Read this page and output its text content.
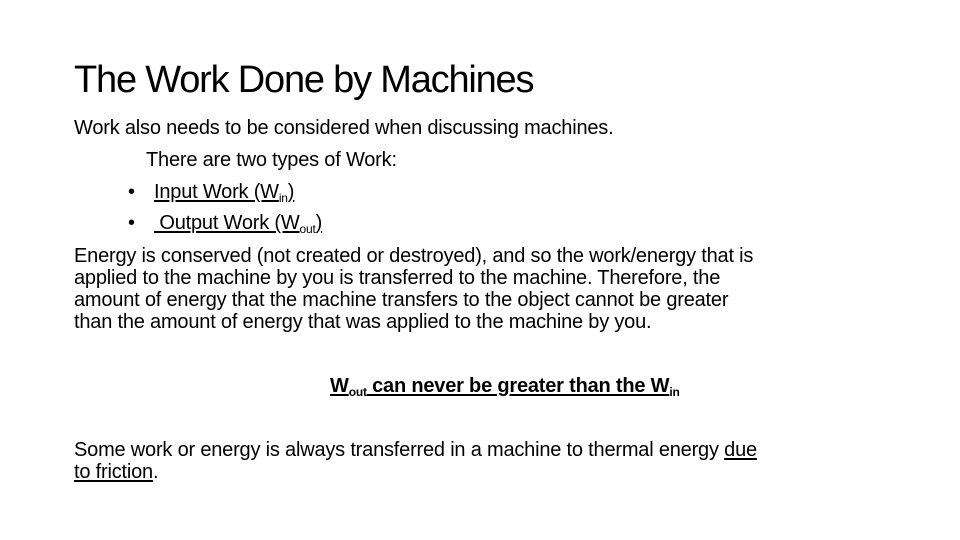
The Work Done by Machines
Work also needs to be considered when discussing machines.
There are two types of Work:
• Input Work $(W_{in})$
• Output Work $(W_{out})$
Energy is conserved (not created or destroyed), and so the work/energy that is
applied to the machine by you is transferred to the machine. Therefore, the
amount of energy that the machine transfers to the object cannot be greater
than the amount of energy that was applied to the machine by you.
$W_{out}$ can never be greater than the $W_{in}$
Some work or energy is always transferred in a machine to thermal energy due
to friction.
